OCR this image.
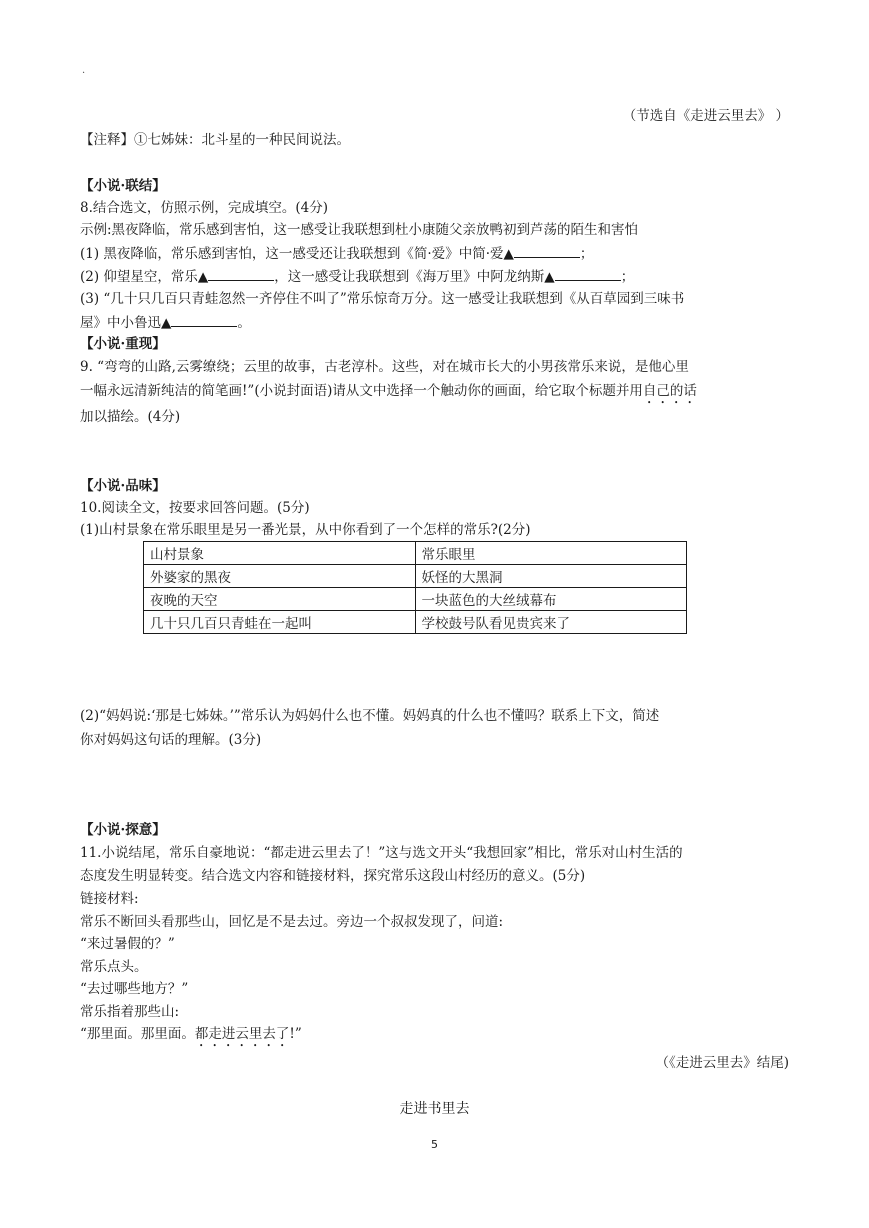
·
（节选自《走进云里去》 ）
【注释】①七姊妹：北斗星的一种民间说法。
【小说·联结】
8.结合选文，仿照示例，完成填空。(4分)
示例:黑夜降临，常乐感到害怕，这一感受让我联想到杜小康随父亲放鸭初到芦荡的陌生和害怕
(1) 黑夜降临，常乐感到害怕，这一感受还让我联想到《简·爱》中简·爱▲	；
(2) 仰望星空，常乐▲	，这一感受让我联想到《海万里》中阿龙纳斯▲	；
(3) “几十只几百只青蛙忽然一齐停住不叫了”常乐惊奇万分。这一感受让我联想到《从百草园到三味书
屋》中小鲁迅▲	。
【小说·重现】
9. “弯弯的山路,云雾缭绕；云里的故事，古老淳朴。这些，对在城市长大的小男孩常乐来说，是他心里
一幅永远清新纯洁的简笔画!”(小说封面语)请从文中选择一个触动你的画面，给它取个标题并用自己的话
加以描绘。(4分)
【小说·品味】
10.阅读全文，按要求回答问题。(5分)
(1)山村景象在常乐眼里是另一番光景，从中你看到了一个怎样的常乐?(2分)
山村景象	常乐眼里
外婆家的黑夜	妖怪的大黑洞
夜晚的天空	一块蓝色的大丝绒幕布
几十只几百只青蛙在一起叫	学校鼓号队看见贵宾来了
(2)“妈妈说:‘那是七姊妹。’”常乐认为妈妈什么也不懂。妈妈真的什么也不懂吗？联系上下文，简述
你对妈妈这句话的理解。(3分)
【小说·探意】
11.小说结尾，常乐自豪地说：“都走进云里去了！”这与选文开头“我想回家”相比，常乐对山村生活的
态度发生明显转变。结合选文内容和链接材料，探究常乐这段山村经历的意义。(5分)
链接材料:
常乐不断回头看那些山，回忆是不是去过。旁边一个叔叔发现了，问道:
“来过暑假的？”
常乐点头。
“去过哪些地方？”
常乐指着那些山:
“那里面。那里面。都走进云里去了!”
（《走进云里去》结尾)
走进书里去
5
